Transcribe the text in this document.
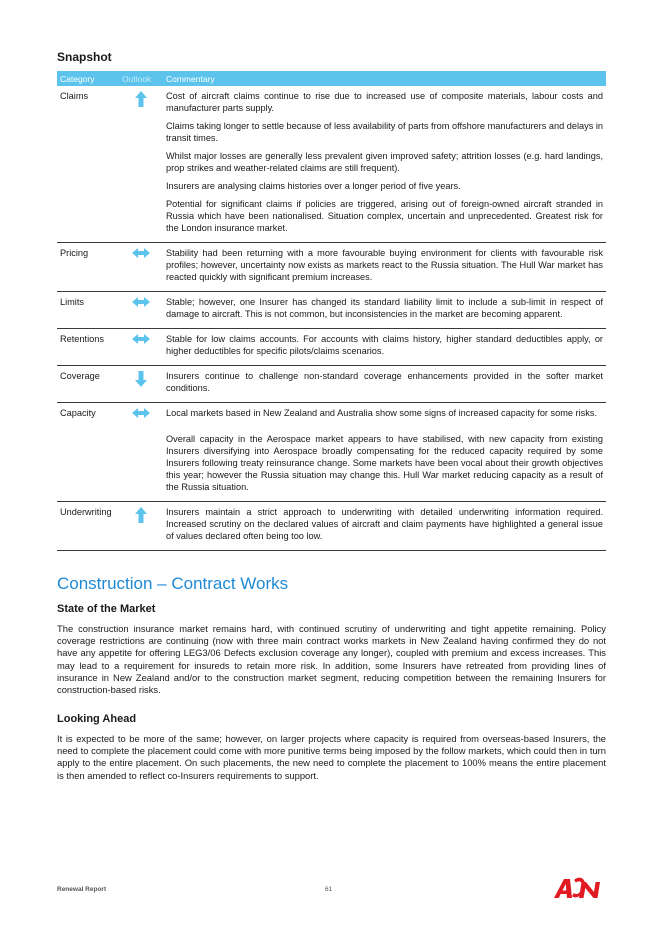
Snapshot
Category	Outlook	Commentary
Claims		Cost of aircraft claims continue to rise due to increased use of composite materials, labour costs and manufacturer parts supply.

Claims taking longer to settle because of less availability of parts from offshore manufacturers and delays in transit times.

Whilst major losses are generally less prevalent given improved safety; attrition losses (e.g. hard landings, prop strikes and weather-related claims are still frequent).

Insurers are analysing claims histories over a longer period of five years.

Potential for significant claims if policies are triggered, arising out of foreign-owned aircraft stranded in Russia which have been nationalised. Situation complex, uncertain and unprecedented. Greatest risk for the London insurance market.

Pricing		Stability had been returning with a more favourable buying environment for clients with favourable risk profiles; however, uncertainty now exists as markets react to the Russia situation. The Hull War market has reacted quickly with significant premium increases.

Limits		Stable; however, one Insurer has changed its standard liability limit to include a sub-limit in respect of damage to aircraft. This is not common, but inconsistencies in the market are becoming apparent.

Retentions		Stable for low claims accounts. For accounts with claims history, higher standard deductibles apply, or higher deductibles for specific pilots/claims scenarios.

Coverage		Insurers continue to challenge non-standard coverage enhancements provided in the softer market conditions.

Capacity		Local markets based in New Zealand and Australia show some signs of increased capacity for some risks.

Overall capacity in the Aerospace market appears to have stabilised, with new capacity from existing Insurers diversifying into Aerospace broadly compensating for the reduced capacity required by some Insurers following treaty reinsurance change. Some markets have been vocal about their growth objectives this year; however the Russia situation may change this. Hull War market reducing capacity as a result of the Russia situation.

Underwriting		Insurers maintain a strict approach to underwriting with detailed underwriting information required. Increased scrutiny on the declared values of aircraft and claim payments have highlighted a general issue of values declared often being too low.

Construction – Contract Works
State of the Market

The construction insurance market remains hard, with continued scrutiny of underwriting and tight appetite remaining. Policy coverage restrictions are continuing (now with three main contract works markets in New Zealand having confirmed they do not have any appetite for offering LEG3/06 Defects exclusion coverage any longer), coupled with premium and excess increases. This may lead to a requirement for insureds to retain more risk. In addition, some Insurers have retreated from providing lines of insurance in New Zealand and/or to the construction market segment, reducing competition between the remaining Insurers for construction-based risks.

Looking Ahead

It is expected to be more of the same; however, on larger projects where capacity is required from overseas-based Insurers, the need to complete the placement could come with more punitive terms being imposed by the follow markets, which could then in turn apply to the entire placement. On such placements, the new need to complete the placement to 100% means the entire placement is then amended to reflect co-Insurers requirements to support.

Renewal Report	61
